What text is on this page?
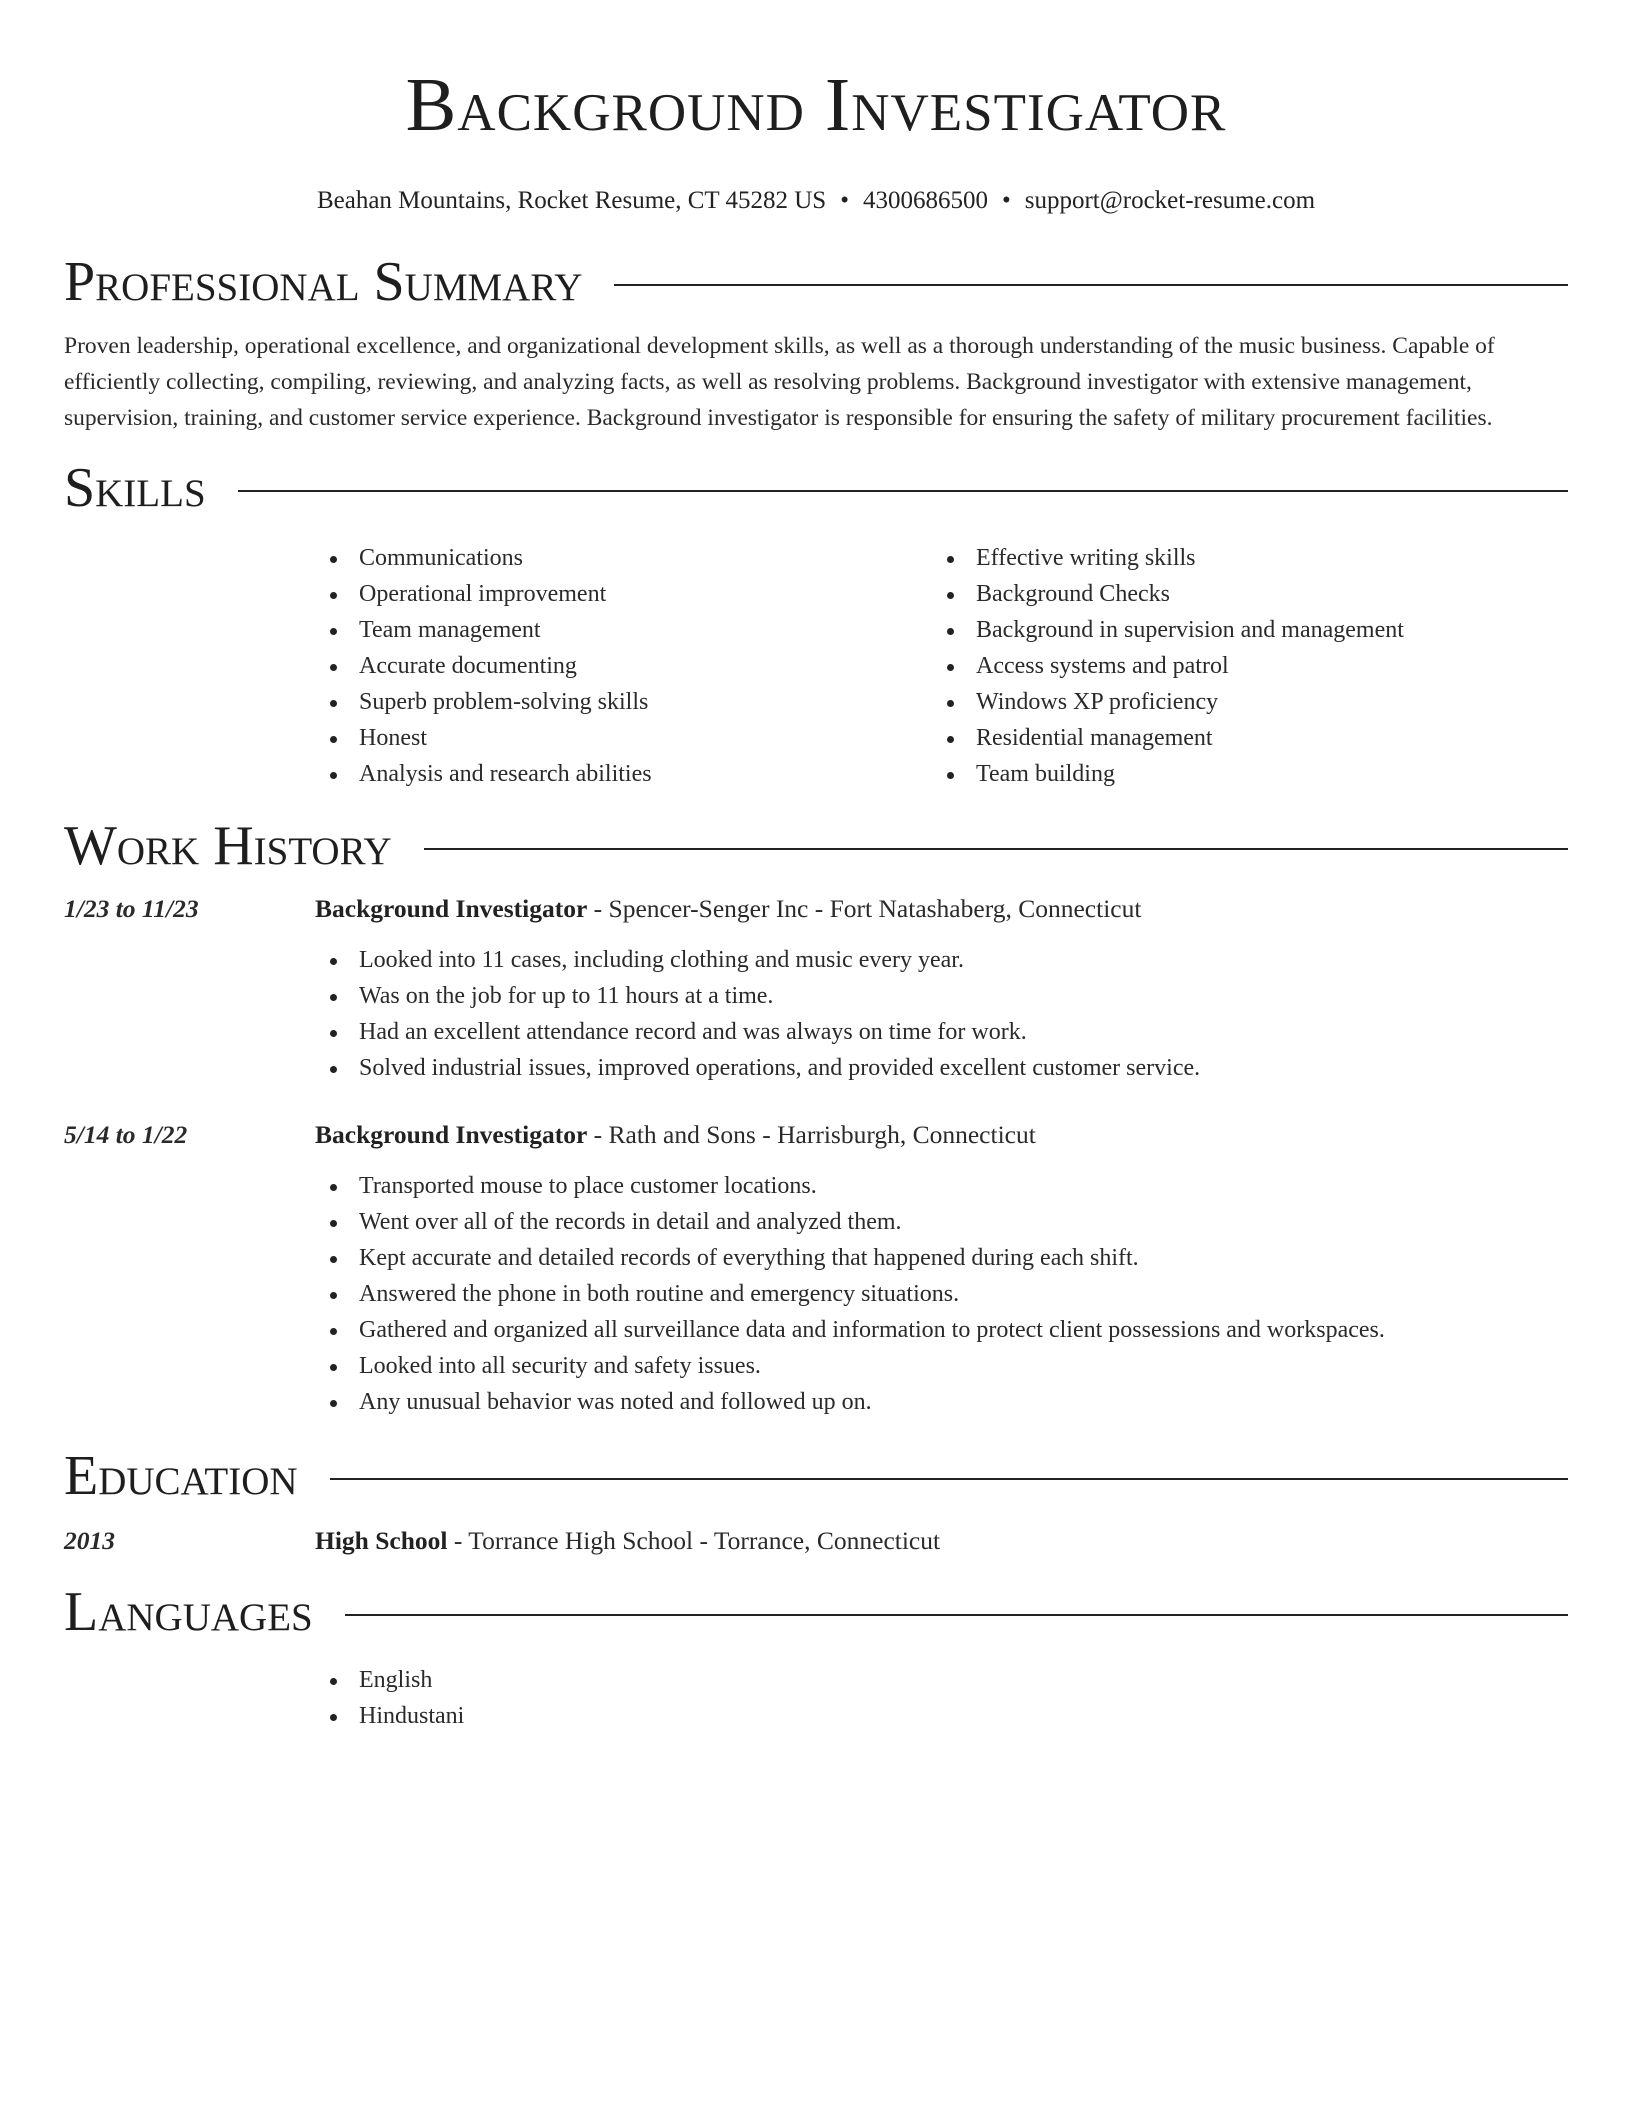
Background Investigator
Beahan Mountains, Rocket Resume, CT 45282 US • 4300686500 • support@rocket-resume.com
Professional Summary

Proven leadership, operational excellence, and organizational development skills, as well as a thorough understanding of the music business. Capable of efficiently collecting, compiling, reviewing, and analyzing facts, as well as resolving problems. Background investigator with extensive management, supervision, training, and customer service experience. Background investigator is responsible for ensuring the safety of military procurement facilities.

Skills
Communications
Operational improvement
Team management
Accurate documenting
Superb problem-solving skills
Honest
Analysis and research abilities
Effective writing skills
Background Checks
Background in supervision and management
Access systems and patrol
Windows XP proficiency
Residential management
Team building
Work History
1/23 to 11/23	Background Investigator - Spencer-Senger Inc - Fort Natashaberg, Connecticut
Looked into 11 cases, including clothing and music every year.
Was on the job for up to 11 hours at a time.
Had an excellent attendance record and was always on time for work.
Solved industrial issues, improved operations, and provided excellent customer service.
5/14 to 1/22	Background Investigator - Rath and Sons - Harrisburgh, Connecticut
Transported mouse to place customer locations.
Went over all of the records in detail and analyzed them.
Kept accurate and detailed records of everything that happened during each shift.
Answered the phone in both routine and emergency situations.
Gathered and organized all surveillance data and information to protect client possessions and workspaces.
Looked into all security and safety issues.
Any unusual behavior was noted and followed up on.
Education
2013	High School - Torrance High School - Torrance, Connecticut
Languages
English
Hindustani
